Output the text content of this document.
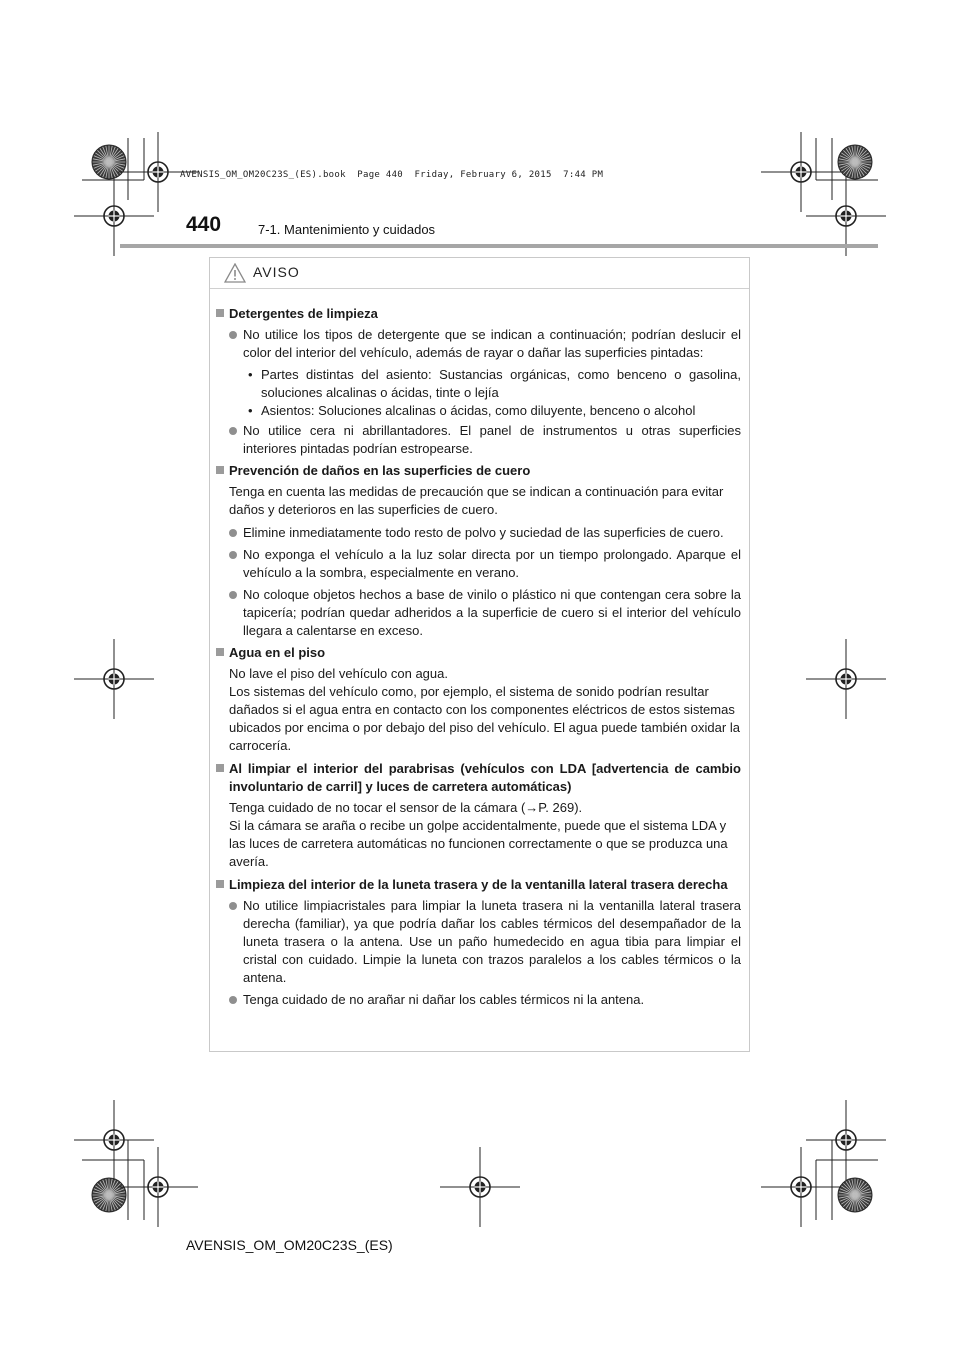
AVENSIS_OM_OM20C23S_(ES).book  Page 440  Friday, February 6, 2015  7:44 PM
440	7-1. Mantenimiento y cuidados
AVISO
Detergentes de limpieza
No utilice los tipos de detergente que se indican a continuación; podrían deslucir el color del interior del vehículo, además de rayar o dañar las superficies pintadas:
• Partes distintas del asiento: Sustancias orgánicas, como benceno o gasolina, soluciones alcalinas o ácidas, tinte o lejía
• Asientos: Soluciones alcalinas o ácidas, como diluyente, benceno o alcohol
No utilice cera ni abrillantadores. El panel de instrumentos u otras superficies interiores pintadas podrían estropearse.
Prevención de daños en las superficies de cuero
Tenga en cuenta las medidas de precaución que se indican a continuación para evitar daños y deterioros en las superficies de cuero.
Elimine inmediatamente todo resto de polvo y suciedad de las superficies de cuero.
No exponga el vehículo a la luz solar directa por un tiempo prolongado. Aparque el vehículo a la sombra, especialmente en verano.
No coloque objetos hechos a base de vinilo o plástico ni que contengan cera sobre la tapicería; podrían quedar adheridos a la superficie de cuero si el interior del vehículo llegara a calentarse en exceso.
Agua en el piso
No lave el piso del vehículo con agua.
Los sistemas del vehículo como, por ejemplo, el sistema de sonido podrían resultar dañados si el agua entra en contacto con los componentes eléctricos de estos sistemas ubicados por encima o por debajo del piso del vehículo. El agua puede también oxidar la carrocería.
Al limpiar el interior del parabrisas (vehículos con LDA [advertencia de cambio involuntario de carril] y luces de carretera automáticas)
Tenga cuidado de no tocar el sensor de la cámara (→P. 269).
Si la cámara se araña o recibe un golpe accidentalmente, puede que el sistema LDA y las luces de carretera automáticas no funcionen correctamente o que se produzca una avería.
Limpieza del interior de la luneta trasera y de la ventanilla lateral trasera derecha
No utilice limpiacristales para limpiar la luneta trasera ni la ventanilla lateral trasera derecha (familiar), ya que podría dañar los cables térmicos del desempañador de la luneta trasera o la antena. Use un paño humedecido en agua tibia para limpiar el cristal con cuidado. Limpie la luneta con trazos paralelos a los cables térmicos o la antena.
Tenga cuidado de no arañar ni dañar los cables térmicos ni la antena.
AVENSIS_OM_OM20C23S_(ES)
